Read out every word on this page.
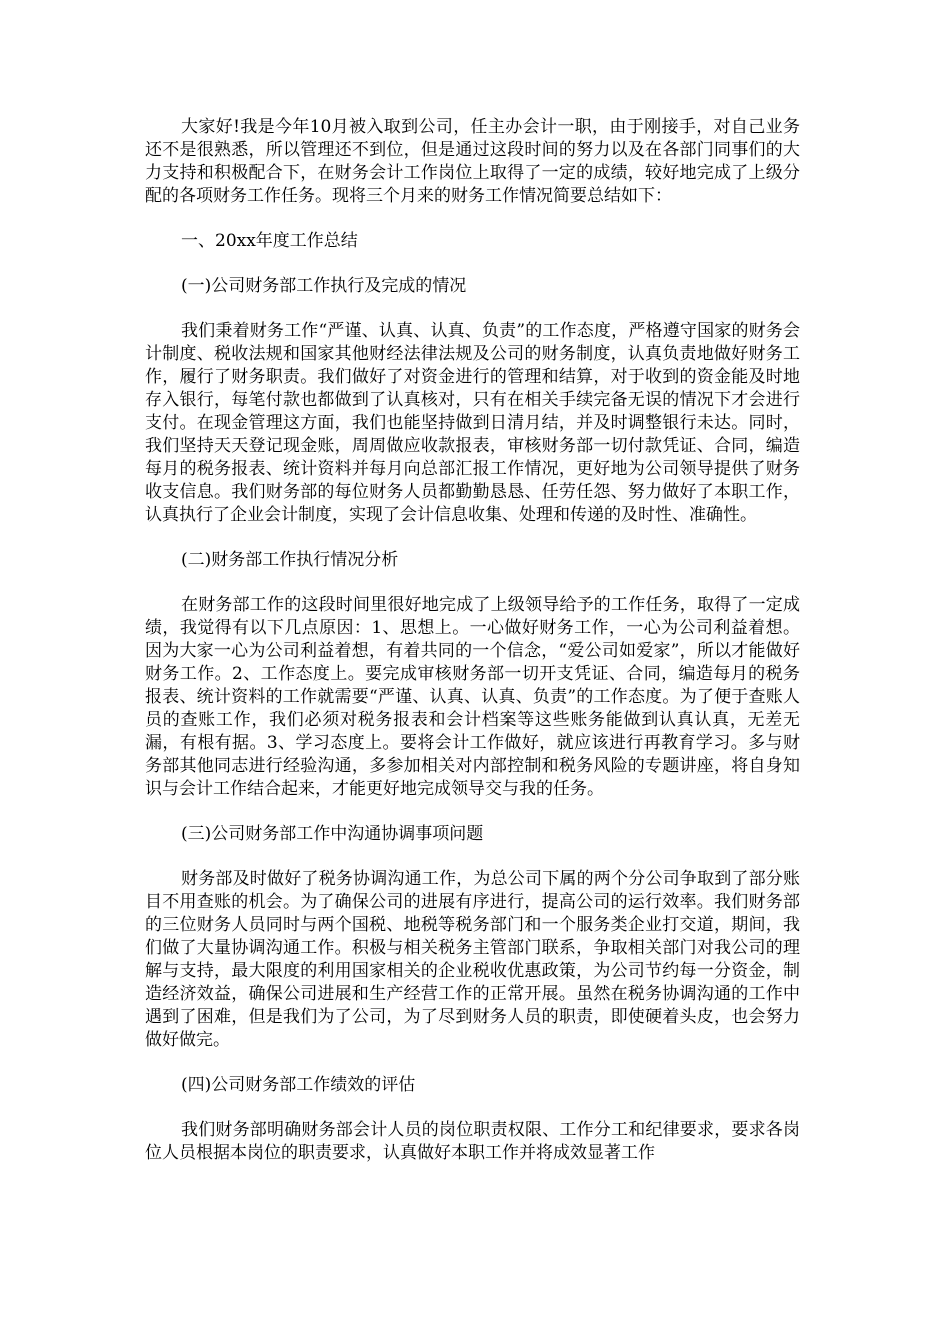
大家好!我是今年10月被入取到公司，任主办会计一职，由于刚接手，对自己业务还不是很熟悉，所以管理还不到位，但是通过这段时间的努力以及在各部门同事们的大力支持和积极配合下，在财务会计工作岗位上取得了一定的成绩，较好地完成了上级分配的各项财务工作任务。现将三个月来的财务工作情况简要总结如下：

一、20xx年度工作总结

(一)公司财务部工作执行及完成的情况

我们秉着财务工作“严谨、认真、认真、负责”的工作态度，严格遵守国家的财务会计制度、税收法规和国家其他财经法律法规及公司的财务制度，认真负责地做好财务工作，履行了财务职责。我们做好了对资金进行的管理和结算，对于收到的资金能及时地存入银行，每笔付款也都做到了认真核对，只有在相关手续完备无误的情况下才会进行支付。在现金管理这方面，我们也能坚持做到日清月结，并及时调整银行未达。同时，我们坚持天天登记现金账，周周做应收款报表，审核财务部一切付款凭证、合同，编造每月的税务报表、统计资料并每月向总部汇报工作情况，更好地为公司领导提供了财务收支信息。我们财务部的每位财务人员都勤勤恳恳、任劳任怨、努力做好了本职工作，认真执行了企业会计制度，实现了会计信息收集、处理和传递的及时性、准确性。

(二)财务部工作执行情况分析

在财务部工作的这段时间里很好地完成了上级领导给予的工作任务，取得了一定成绩，我觉得有以下几点原因：1、思想上。一心做好财务工作，一心为公司利益着想。因为大家一心为公司利益着想，有着共同的一个信念，“爱公司如爱家”，所以才能做好财务工作。2、工作态度上。要完成审核财务部一切开支凭证、合同，编造每月的税务报表、统计资料的工作就需要“严谨、认真、认真、负责”的工作态度。为了便于查账人员的查账工作，我们必须对税务报表和会计档案等这些账务能做到认真认真，无差无漏，有根有据。3、学习态度上。要将会计工作做好，就应该进行再教育学习。多与财务部其他同志进行经验沟通，多参加相关对内部控制和税务风险的专题讲座，将自身知识与会计工作结合起来，才能更好地完成领导交与我的任务。

(三)公司财务部工作中沟通协调事项问题

财务部及时做好了税务协调沟通工作，为总公司下属的两个分公司争取到了部分账目不用查账的机会。为了确保公司的进展有序进行，提高公司的运行效率。我们财务部的三位财务人员同时与两个国税、地税等税务部门和一个服务类企业打交道，期间，我们做了大量协调沟通工作。积极与相关税务主管部门联系，争取相关部门对我公司的理解与支持，最大限度的利用国家相关的企业税收优惠政策，为公司节约每一分资金，制造经济效益，确保公司进展和生产经营工作的正常开展。虽然在税务协调沟通的工作中遇到了困难，但是我们为了公司，为了尽到财务人员的职责，即使硬着头皮，也会努力做好做完。

(四)公司财务部工作绩效的评估

我们财务部明确财务部会计人员的岗位职责权限、工作分工和纪律要求，要求各岗位人员根据本岗位的职责要求，认真做好本职工作并将成效显著工作
